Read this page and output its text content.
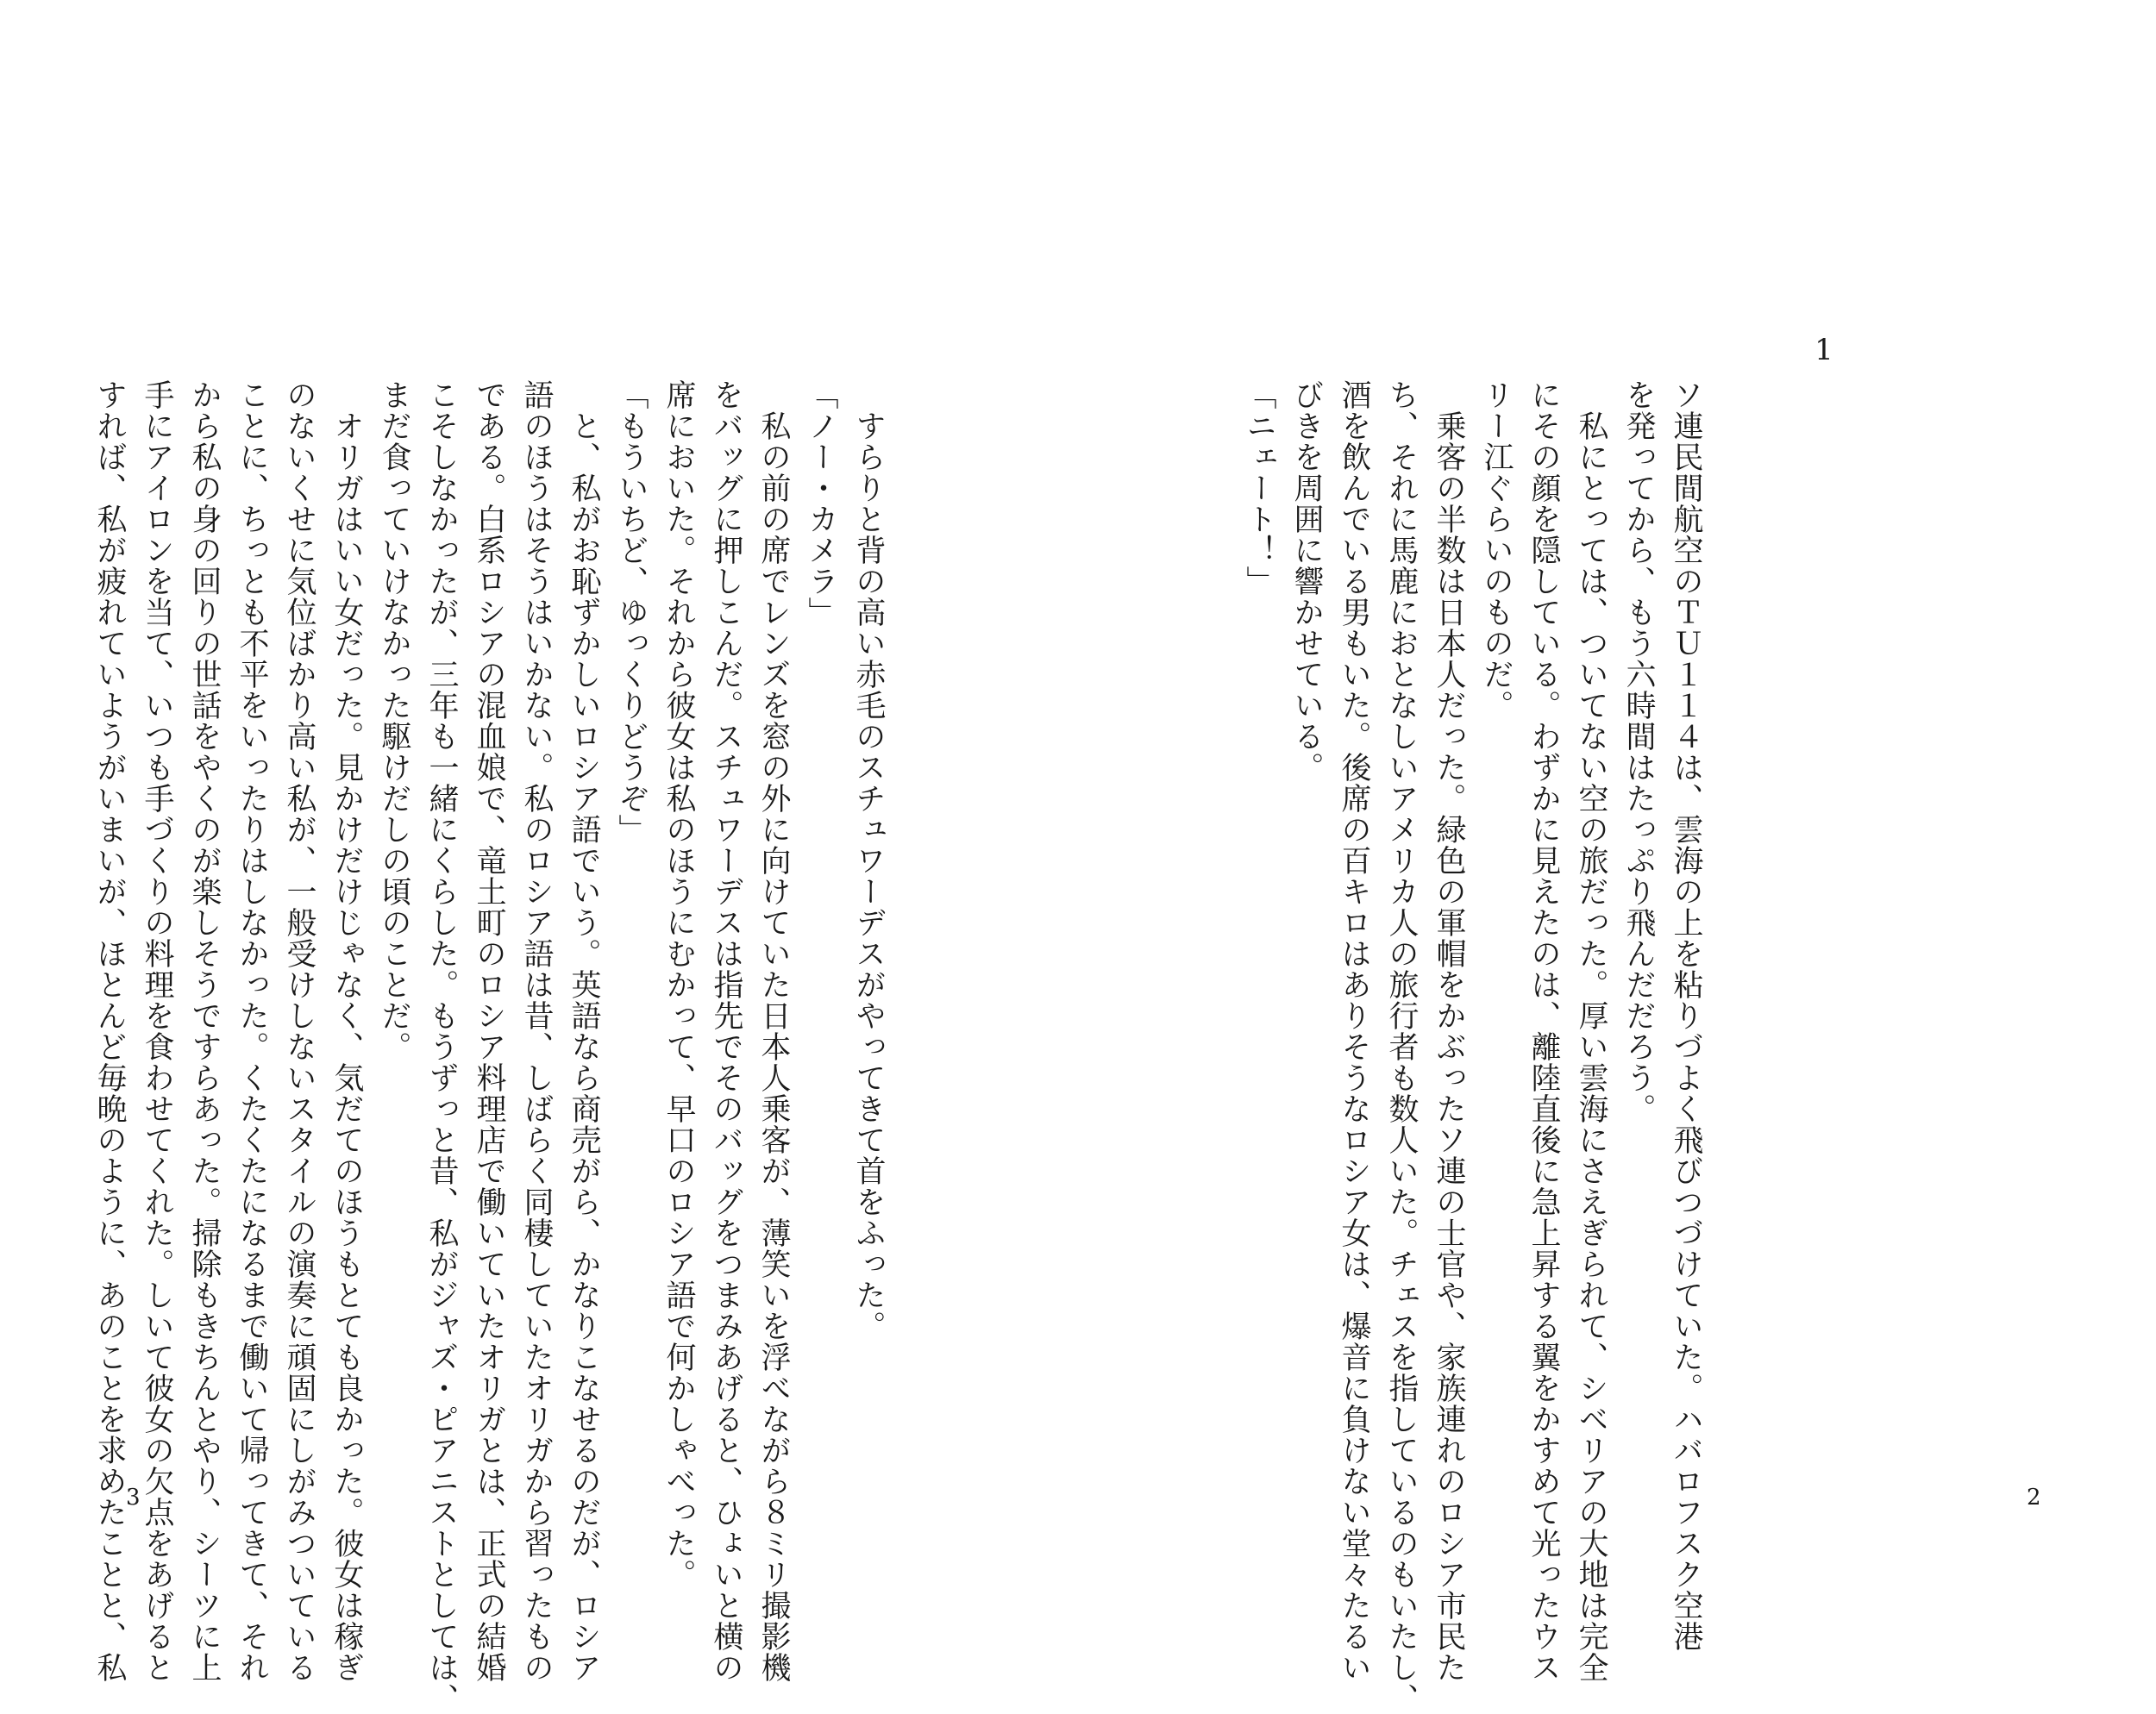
1

ソ連民間航空のＴＵ１１４は、雲海の上を粘りづよく飛びつづけていた。ハバロフスク空港

を発ってから、もう六時間はたっぷり飛んだだろう。

私にとっては、ついてない空の旅だった。厚い雲海にさえぎられて、シベリアの大地は完全

にその顔を隠している。わずかに見えたのは、離陸直後に急上昇する翼をかすめて光ったウス

リー江ぐらいのものだ。

乗客の半数は日本人だった。緑色の軍帽をかぶったソ連の士官や、家族連れのロシア市民た

ち、それに馬鹿におとなしいアメリカ人の旅行者も数人いた。チェスを指しているのもいたし、

酒を飲んでいる男もいた。後席の百キロはありそうなロシア女は、爆音に負けない堂々たるい

びきを周囲に響かせている。

「ニェート！」

すらりと背の高い赤毛のスチュワーデスがやってきて首をふった。

「ノー・カメラ」

私の前の席でレンズを窓の外に向けていた日本人乗客が、薄笑いを浮べながら８ミリ撮影機

をバッグに押しこんだ。スチュワーデスは指先でそのバッグをつまみあげると、ひょいと横の

席においた。それから彼女は私のほうにむかって、早口のロシア語で何かしゃべった。

「もういちど、ゆっくりどうぞ」

と、私がお恥ずかしいロシア語でいう。英語なら商売がら、かなりこなせるのだが、ロシア

語のほうはそうはいかない。私のロシア語は昔、しばらく同棲していたオリガから習ったもの

である。白系ロシアの混血娘で、竜土町のロシア料理店で働いていたオリガとは、正式の結婚

こそしなかったが、三年も一緒にくらした。もうずっと昔、私がジャズ・ピアニストとしては、

まだ食っていけなかった駆けだしの頃のことだ。

オリガはいい女だった。見かけだけじゃなく、気だてのほうもとても良かった。彼女は稼ぎ

のないくせに気位ばかり高い私が、一般受けしないスタイルの演奏に頑固にしがみついている

ことに、ちっとも不平をいったりはしなかった。くたくたになるまで働いて帰ってきて、それ

から私の身の回りの世話をやくのが楽しそうですらあった。掃除もきちんとやり、シーツに上

手にアイロンを当て、いつも手づくりの料理を食わせてくれた。しいて彼女の欠点をあげると

すれば、私が疲れていようがいまいが、ほとんど毎晩のように、あのことを求めたことと、私	2
3
